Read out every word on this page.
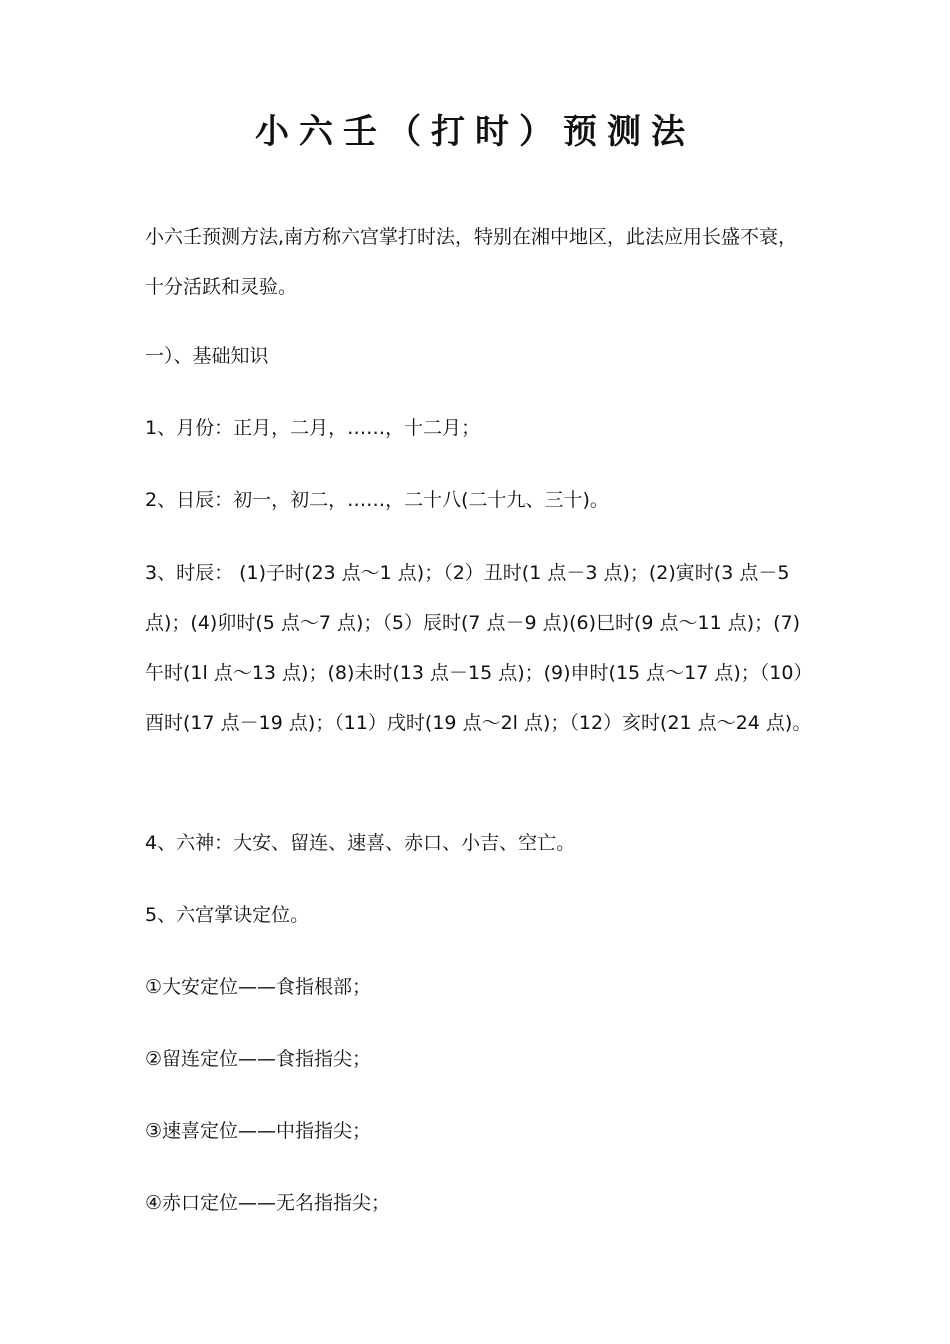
小六壬（打时）预测法

小六壬预测方法,南方称六宫掌打时法，特别在湘中地区，此法应用长盛不衰，十分活跃和灵验。

一）、基础知识

1、月份：正月，二月，……，十二月；

2、日辰：初一，初二，……，二十八(二十九、三十)。

3、时辰： (1)子时(23 点～1 点)；（2）丑时(1 点－3 点)；(2)寅时(3 点－5 点)；(4)卯时(5 点～7 点)；（5）辰时(7 点－9 点)(6)巳时(9 点～11 点)；(7)午时(1l 点～13 点)；(8)未时(13 点－15 点)；(9)申时(15 点～17 点)；（10）酉时(17 点－19 点)；（11）戌时(19 点～2l 点)；（12）亥时(21 点～24 点)。

4、六神：大安、留连、速喜、赤口、小吉、空亡。

5、六宫掌诀定位。

①大安定位——食指根部；

②留连定位——食指指尖；

③速喜定位——中指指尖；

④赤口定位——无名指指尖；
